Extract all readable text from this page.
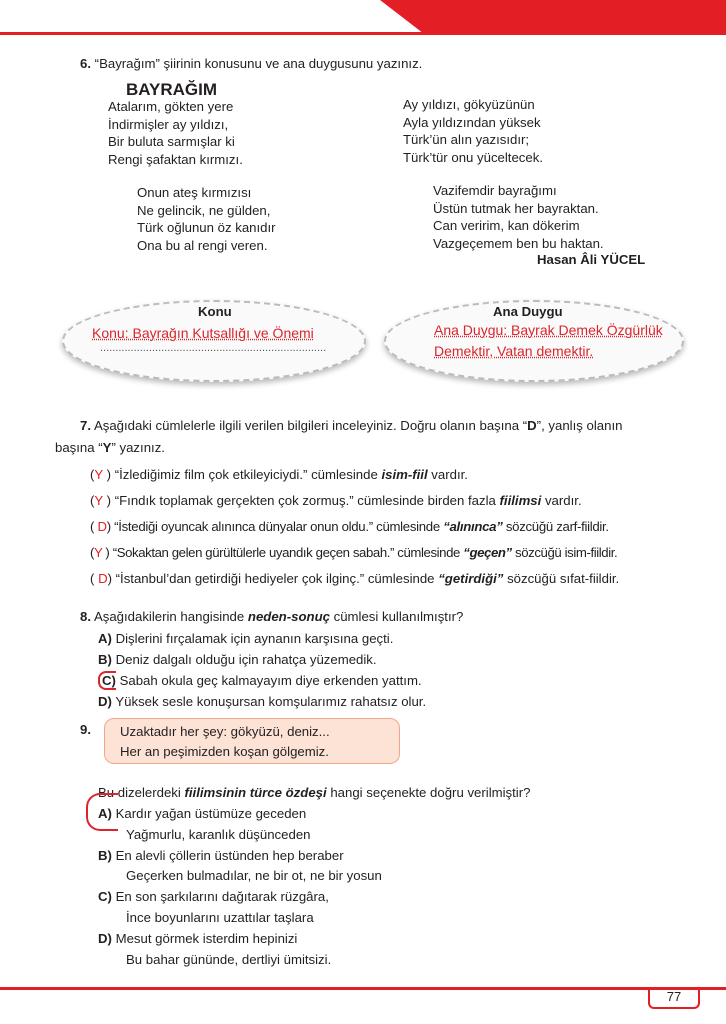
6. “Bayrağım” şiirinin konusunu ve ana duygusunu yazınız.
BAYRAĞIM
Atalarım, gökten yere
İndirmişler ay yıldızı,
Bir buluta sarmışlar ki
Rengi şafaktan kırmızı.
Onun ateş kırmızısı
Ne gelincik, ne gülden,
Türk oğlunun öz kanıdır
Ona bu al rengi veren.
Ay yıldızı, gökyüzünün
Ayla yıldızından yüksek
Türk’ün alın yazısıdır;
Türk’tür onu yüceltecek.
Vazifemdir bayrağımı
Üstün tutmak her bayraktan.
Can veririm, kan dökerim
Vazgeçemem ben bu haktan.
Hasan Âli YÜCEL
Konu
Konu: Bayrağın Kutsallığı ve Önemi
..........................................................................
Ana Duygu
Ana Duygu: Bayrak Demek Özgürlük
Demektir, Vatan demektir.
7. Aşağıdaki cümlelerle ilgili verilen bilgileri inceleyiniz. Doğru olanın başına “D”, yanlış olanın
başına “Y” yazınız.
(Y ) “İzlediğimiz film çok etkileyiciydi.” cümlesinde isim-fiil vardır.
(Y ) “Fındık toplamak gerçekten çok zormuş.” cümlesinde birden fazla fiilimsi vardır.
( D) “İstediği oyuncak alınınca dünyalar onun oldu.” cümlesinde “alınınca” sözcüğü zarf-fiildir.
(Y ) “Sokaktan gelen gürültülerle uyandık geçen sabah.” cümlesinde “geçen” sözcüğü isim-fiildir.
( D) “İstanbul’dan getirdiği hediyeler çok ilginç.” cümlesinde “getirdiği” sözcüğü sıfat-fiildir.
8. Aşağıdakilerin hangisinde neden-sonuç cümlesi kullanılmıştır?
A) Dişlerini fırçalamak için aynanın karşısına geçti.
B) Deniz dalgalı olduğu için rahatça yüzemedik.
C) Sabah okula geç kalmayayım diye erkenden yattım.
D) Yüksek sesle konuşursan komşularımız rahatsız olur.
9. Uzaktadır her şey: gökyüzü, deniz...
Her an peşimizden koşan gölgemiz.
Bu dizelerdeki fiilimsinin türce özdeşi hangi seçenekte doğru verilmiştir?
A) Kardır yağan üstümüze geceden
Yağmurlu, karanlık düşünceden
B) En alevli çöllerin üstünden hep beraber
Geçerken bulmadılar, ne bir ot, ne bir yosun
C) En son şarkılarını dağıtarak rüzgâra,
İnce boyunlarını uzattılar taşlara
D) Mesut görmek isterdim hepinizi
Bu bahar gününde, dertliyi ümitsizi.
77
